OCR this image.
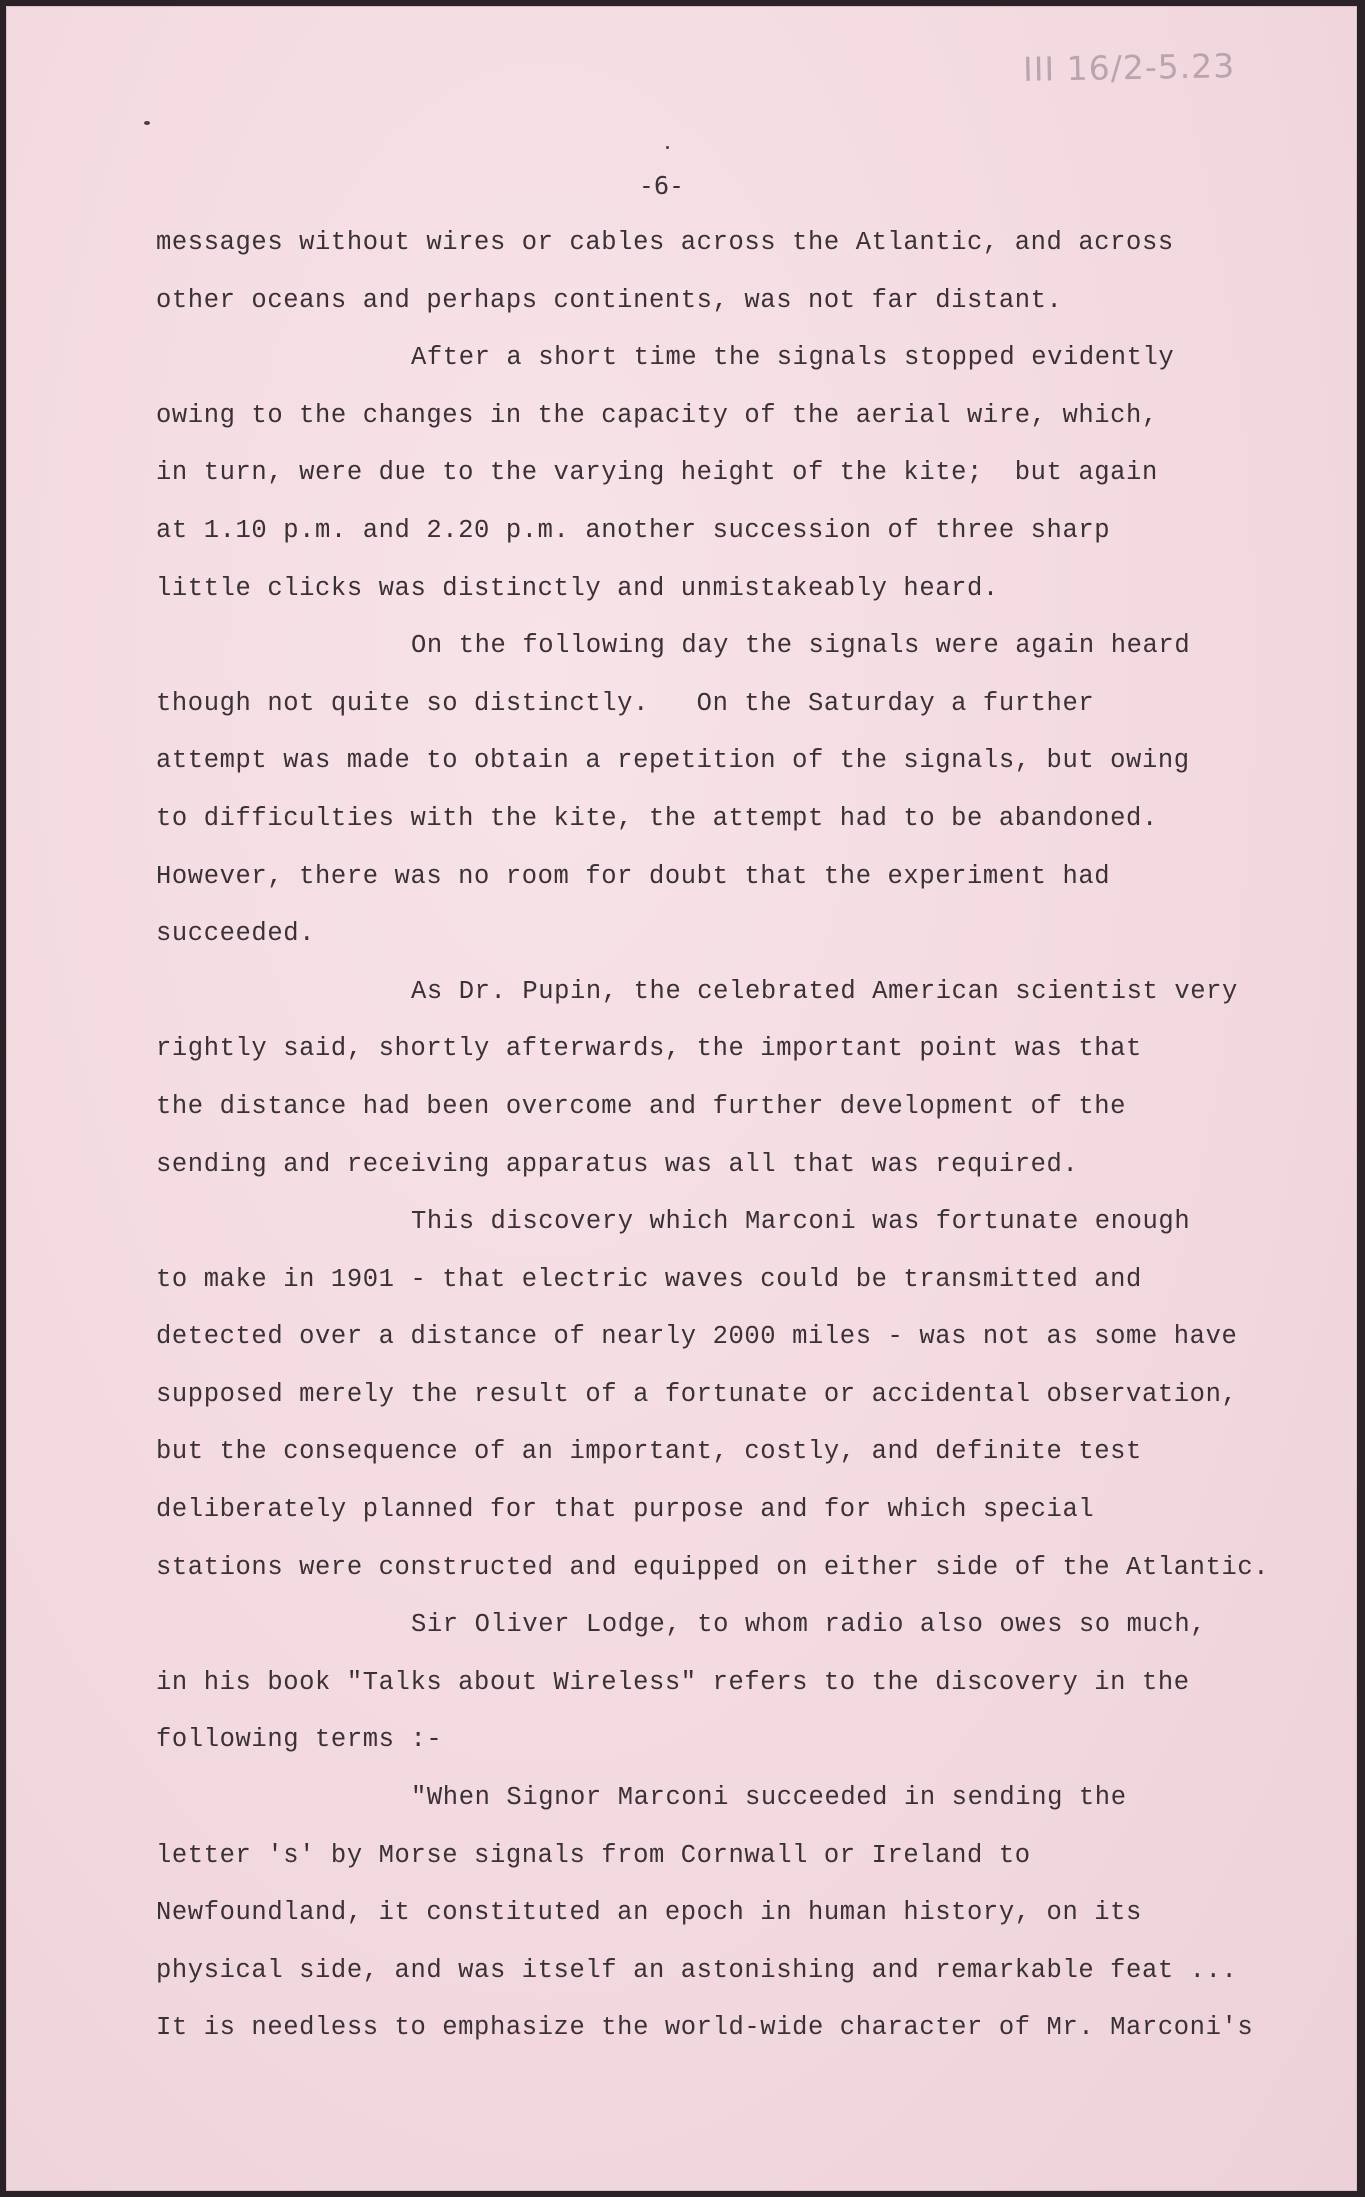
III 16/2-5.23
-6-
messages without wires or cables across the Atlantic, and across
other oceans and perhaps continents, was not far distant.
After a short time the signals stopped evidently
owing to the changes in the capacity of the aerial wire, which,
in turn, were due to the varying height of the kite;  but again
at 1.10 p.m. and 2.20 p.m. another succession of three sharp
little clicks was distinctly and unmistakeably heard.
On the following day the signals were again heard
though not quite so distinctly.   On the Saturday a further
attempt was made to obtain a repetition of the signals, but owing
to difficulties with the kite, the attempt had to be abandoned.
However, there was no room for doubt that the experiment had
succeeded.
As Dr. Pupin, the celebrated American scientist very
rightly said, shortly afterwards, the important point was that
the distance had been overcome and further development of the
sending and receiving apparatus was all that was required.
This discovery which Marconi was fortunate enough
to make in 1901 - that electric waves could be transmitted and
detected over a distance of nearly 2000 miles - was not as some have
supposed merely the result of a fortunate or accidental observation,
but the consequence of an important, costly, and definite test
deliberately planned for that purpose and for which special
stations were constructed and equipped on either side of the Atlantic.
Sir Oliver Lodge, to whom radio also owes so much,
in his book "Talks about Wireless" refers to the discovery in the
following terms :-
"When Signor Marconi succeeded in sending the
letter 's' by Morse signals from Cornwall or Ireland to
Newfoundland, it constituted an epoch in human history, on its
physical side, and was itself an astonishing and remarkable feat ...
It is needless to emphasize the world-wide character of Mr. Marconi's
